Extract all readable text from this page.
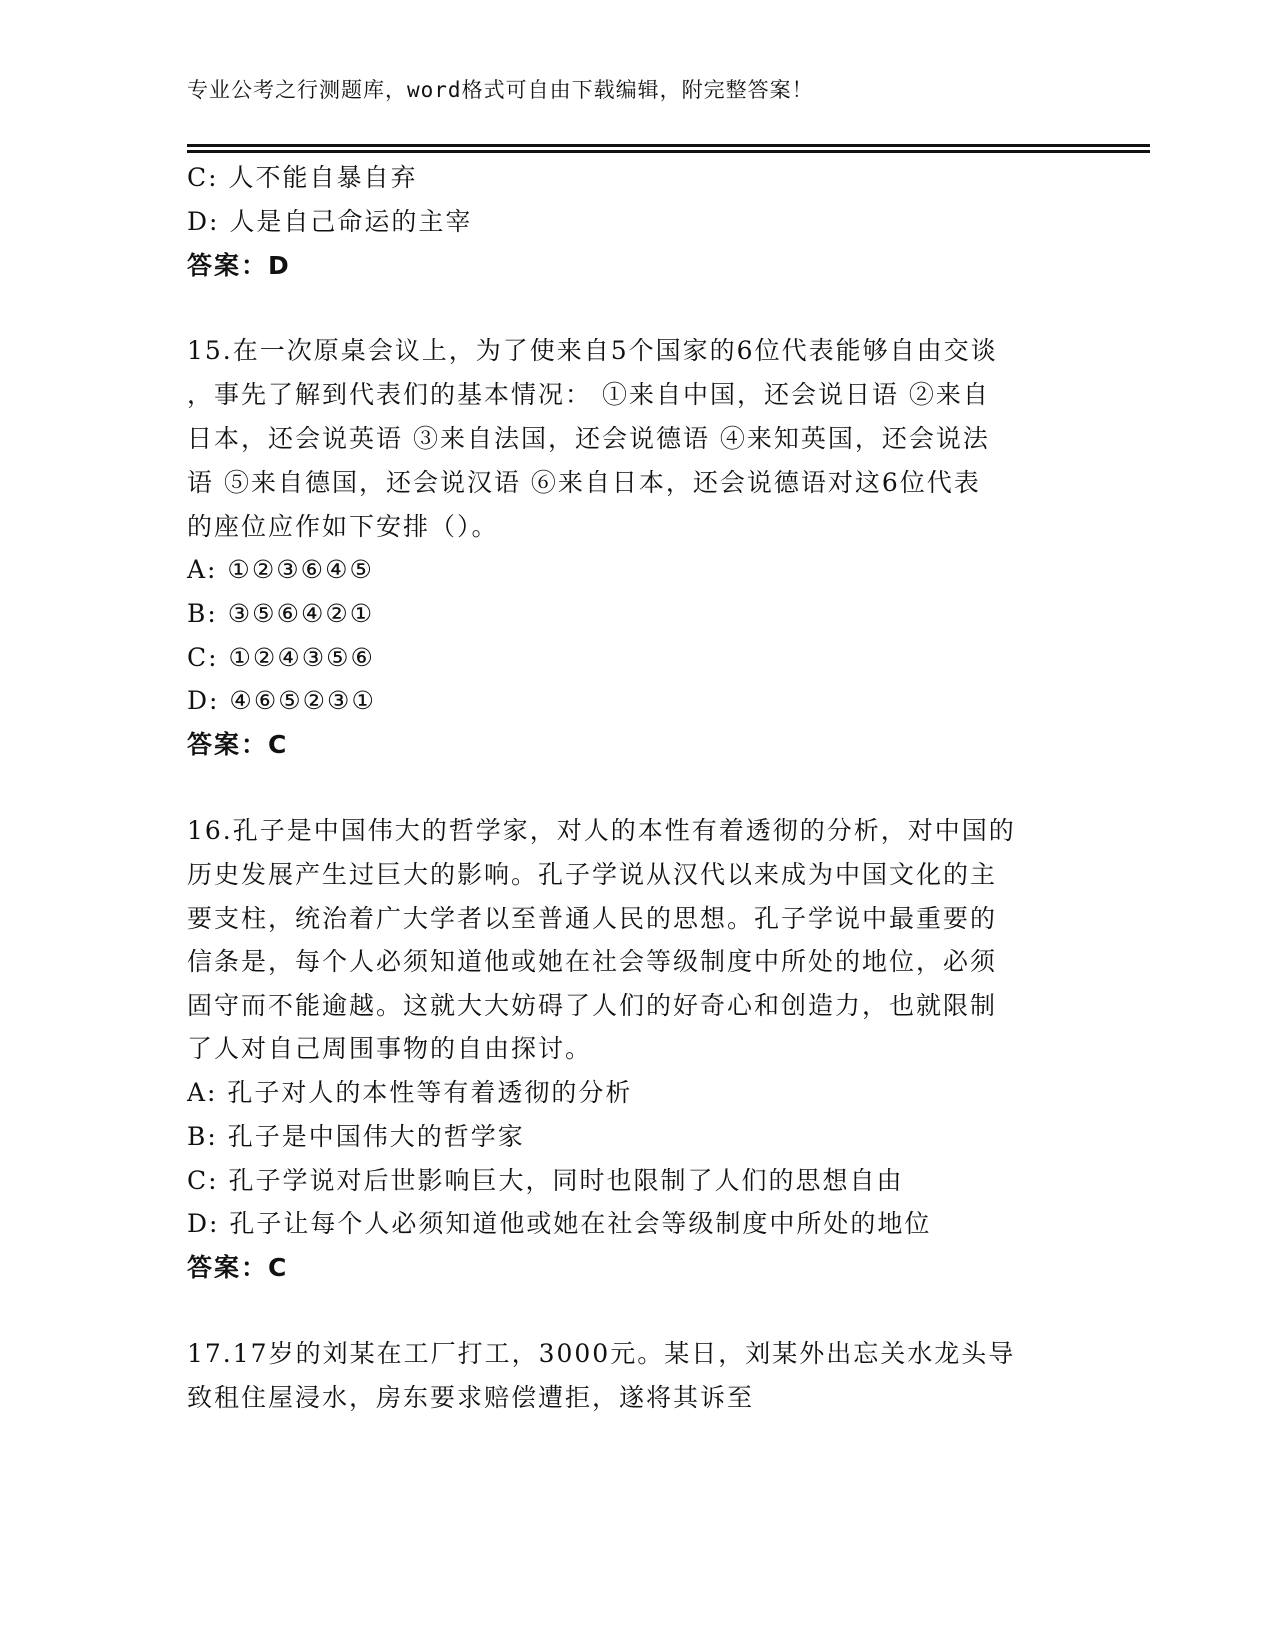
专业公考之行测题库，word格式可自由下载编辑，附完整答案！
C: 人不能自暴自弃
D: 人是自己命运的主宰
答案：D
15.在一次原桌会议上，为了使来自5个国家的6位代表能够自由交谈
，事先了解到代表们的基本情况： ①来自中国，还会说日语 ②来自
日本，还会说英语 ③来自法国，还会说德语 ④来知英国，还会说法
语 ⑤来自德国，还会说汉语 ⑥来自日本，还会说德语对这6位代表
的座位应作如下安排（）。
A: ①②③⑥④⑤
B: ③⑤⑥④②①
C: ①②④③⑤⑥
D: ④⑥⑤②③①
答案：C
16.孔子是中国伟大的哲学家，对人的本性有着透彻的分析，对中国的
历史发展产生过巨大的影响。孔子学说从汉代以来成为中国文化的主
要支柱，统治着广大学者以至普通人民的思想。孔子学说中最重要的
信条是，每个人必须知道他或她在社会等级制度中所处的地位，必须
固守而不能逾越。这就大大妨碍了人们的好奇心和创造力，也就限制
了人对自己周围事物的自由探讨。
A: 孔子对人的本性等有着透彻的分析
B: 孔子是中国伟大的哲学家
C: 孔子学说对后世影响巨大，同时也限制了人们的思想自由
D: 孔子让每个人必须知道他或她在社会等级制度中所处的地位
答案：C
17.17岁的刘某在工厂打工，3000元。某日，刘某外出忘关水龙头导
致租住屋浸水，房东要求赔偿遭拒，遂将其诉至
